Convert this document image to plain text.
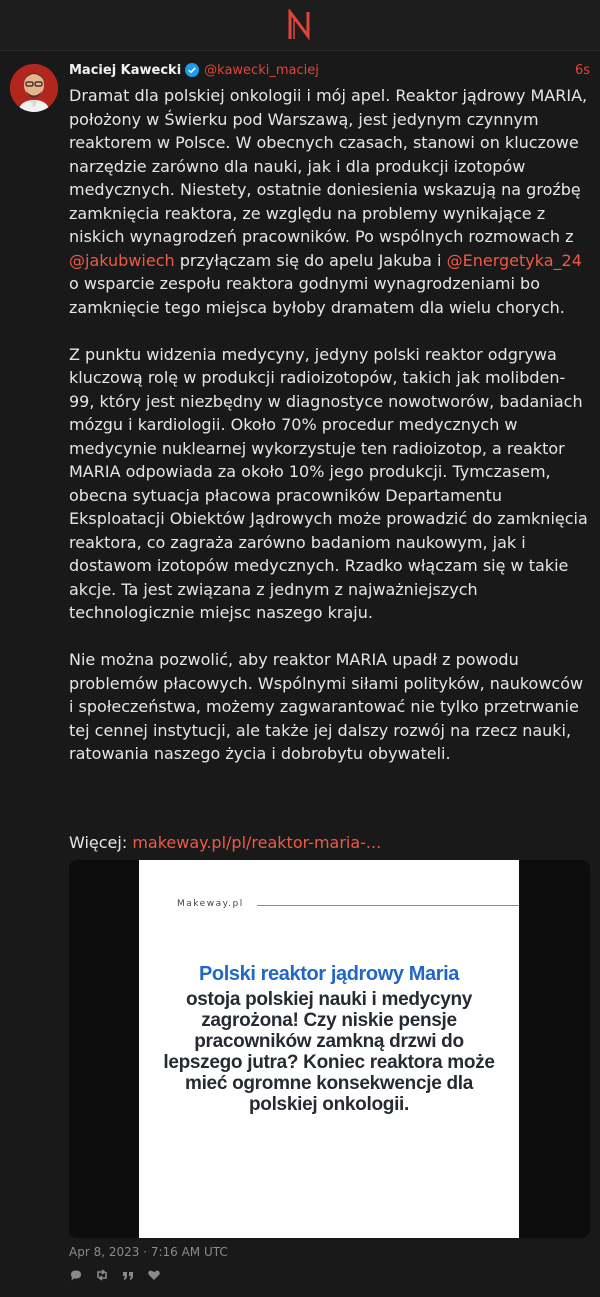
Maciej Kawecki @kawecki_maciej	6s
Dramat dla polskiej onkologii i mój apel. Reaktor jądrowy MARIA, położony w Świerku pod Warszawą, jest jedynym czynnym reaktorem w Polsce. W obecnych czasach, stanowi on kluczowe narzędzie zarówno dla nauki, jak i dla produkcji izotopów medycznych. Niestety, ostatnie doniesienia wskazują na groźbę zamknięcia reaktora, ze względu na problemy wynikające z niskich wynagrodzeń pracowników. Po wspólnych rozmowach z @jakubwiech przyłączam się do apelu Jakuba i @Energetyka_24 o wsparcie zespołu reaktora godnymi wynagrodzeniami bo zamknięcie tego miejsca byłoby dramatem dla wielu chorych.

Z punktu widzenia medycyny, jedyny polski reaktor odgrywa kluczową rolę w produkcji radioizotopów, takich jak molibden-99, który jest niezbędny w diagnostyce nowotworów, badaniach mózgu i kardiologii. Około 70% procedur medycznych w medycynie nuklearnej wykorzystuje ten radioizotop, a reaktor MARIA odpowiada za około 10% jego produkcji. Tymczasem, obecna sytuacja płacowa pracowników Departamentu Eksploatacji Obiektów Jądrowych może prowadzić do zamknięcia reaktora, co zagraża zarówno badaniom naukowym, jak i dostawom izotopów medycznych. Rzadko włączam się w takie akcje. Ta jest związana z jednym z najważniejszych technologicznie miejsc naszego kraju.

Nie można pozwolić, aby reaktor MARIA upadł z powodu problemów płacowych. Wspólnymi siłami polityków, naukowców i społeczeństwa, możemy zagwarantować nie tylko przetrwanie tej cennej instytucji, ale także jej dalszy rozwój na rzecz nauki, ratowania naszego życia i dobrobytu obywateli.
Więcej: makeway.pl/pl/reaktor-maria-...
Makeway.pl
Polski reaktor jądrowy Maria
ostoja polskiej nauki i medycyny zagrożona! Czy niskie pensje pracowników zamkną drzwi do lepszego jutra? Koniec reaktora może mieć ogromne konsekwencje dla polskiej onkologii.
Apr 8, 2023 · 7:16 AM UTC
